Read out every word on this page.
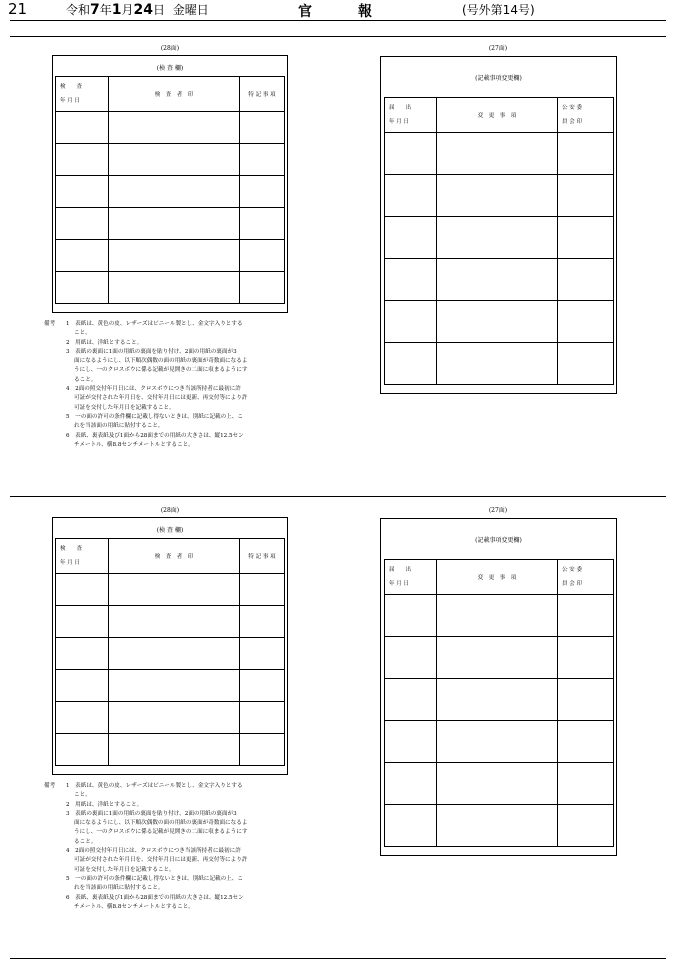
21	令和7年1月24日 金曜日	官	報	(号外第14号)
(28面)
(検 査 欄)
検　　査
年 月 日	検　査　者　印	特 記 事 項

備考 1　表紙は、黄色の皮、レザーズはビニール製とし、金文字入りとする
こと。
2　用紙は、洋紙とすること。
3　表紙の裏面に1面の用紙の裏面を貼り付け、2面の用紙の裏面が3
面になるようにし、以下順次偶数の面の用紙の裏面が奇数面になるよ
うにし、一のクロスボウに係る記載が見開きの二面に収まるようにす
ること。
4　2面の照交付年月日には、クロスボウにつき当該所持者に最初に許
可証が交付された年月日を、交付年月日には更新、再交付等により許
可証を交付した年月日を記載すること。
5　一の面の許可の条件欄に記載し得ないときは、別紙に記載の上、こ
れを当該面の用紙に貼付すること。
6　表紙、裏表紙及び1面から28面までの用紙の大きさは、縦12.5セン
チメートル、横8.8センチメートルとすること。
(27面)
(記載事項変更欄)
届　　出
年 月 日	変　更　事　項	公 安 委
員 会 印

(28面)
(検 査 欄)
検　　査
年 月 日	検　査　者　印	特 記 事 項

備考 1　表紙は、黄色の皮、レザーズはビニール製とし、金文字入りとする
こと。
2　用紙は、洋紙とすること。
3　表紙の裏面に1面の用紙の裏面を貼り付け、2面の用紙の裏面が3
面になるようにし、以下順次偶数の面の用紙の裏面が奇数面になるよ
うにし、一のクロスボウに係る記載が見開きの二面に収まるようにす
ること。
4　2面の照交付年月日には、クロスボウにつき当該所持者に最初に許
可証が交付された年月日を、交付年月日には更新、再交付等により許
可証を交付した年月日を記載すること。
5　一の面の許可の条件欄に記載し得ないときは、別紙に記載の上、こ
れを当該面の用紙に貼付すること。
6　表紙、裏表紙及び1面から28面までの用紙の大きさは、縦12.5セン
チメートル、横8.8センチメートルとすること。
(27面)
(記載事項変更欄)
届　　出
年 月 日	変　更　事　項	公 安 委
員 会 印
